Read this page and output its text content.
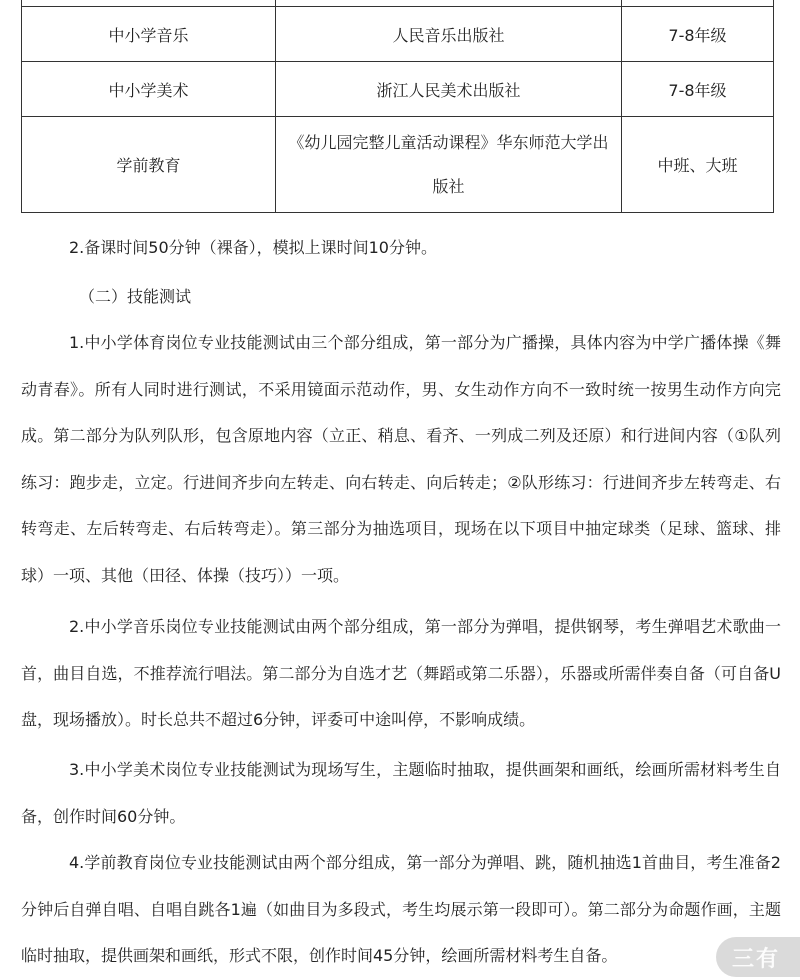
中小学音乐	人民音乐出版社	7-8年级
中小学美术	浙江人民美术出版社	7-8年级
学前教育	《幼儿园完整儿童活动课程》华东师范大学出版社	中班、大班

2.备课时间50分钟（裸备），模拟上课时间10分钟。

（二）技能测试

1.中小学体育岗位专业技能测试由三个部分组成，第一部分为广播操，具体内容为中学广播体操《舞动青春》。所有人同时进行测试，不采用镜面示范动作，男、女生动作方向不一致时统一按男生动作方向完成。第二部分为队列队形，包含原地内容（立正、稍息、看齐、一列成二列及还原）和行进间内容（①队列练习：跑步走，立定。行进间齐步向左转走、向右转走、向后转走；②队形练习：行进间齐步左转弯走、右转弯走、左后转弯走、右后转弯走）。第三部分为抽选项目，现场在以下项目中抽定球类（足球、篮球、排球）一项、其他（田径、体操（技巧））一项。

2.中小学音乐岗位专业技能测试由两个部分组成，第一部分为弹唱，提供钢琴，考生弹唱艺术歌曲一首，曲目自选，不推荐流行唱法。第二部分为自选才艺（舞蹈或第二乐器），乐器或所需伴奏自备（可自备U盘，现场播放）。时长总共不超过6分钟，评委可中途叫停，不影响成绩。

3.中小学美术岗位专业技能测试为现场写生，主题临时抽取，提供画架和画纸，绘画所需材料考生自备，创作时间60分钟。

4.学前教育岗位专业技能测试由两个部分组成，第一部分为弹唱、跳，随机抽选1首曲目，考生准备2分钟后自弹自唱、自唱自跳各1遍（如曲目为多段式，考生均展示第一段即可）。第二部分为命题作画，主题临时抽取，提供画架和画纸，形式不限，创作时间45分钟，绘画所需材料考生自备。	三有
